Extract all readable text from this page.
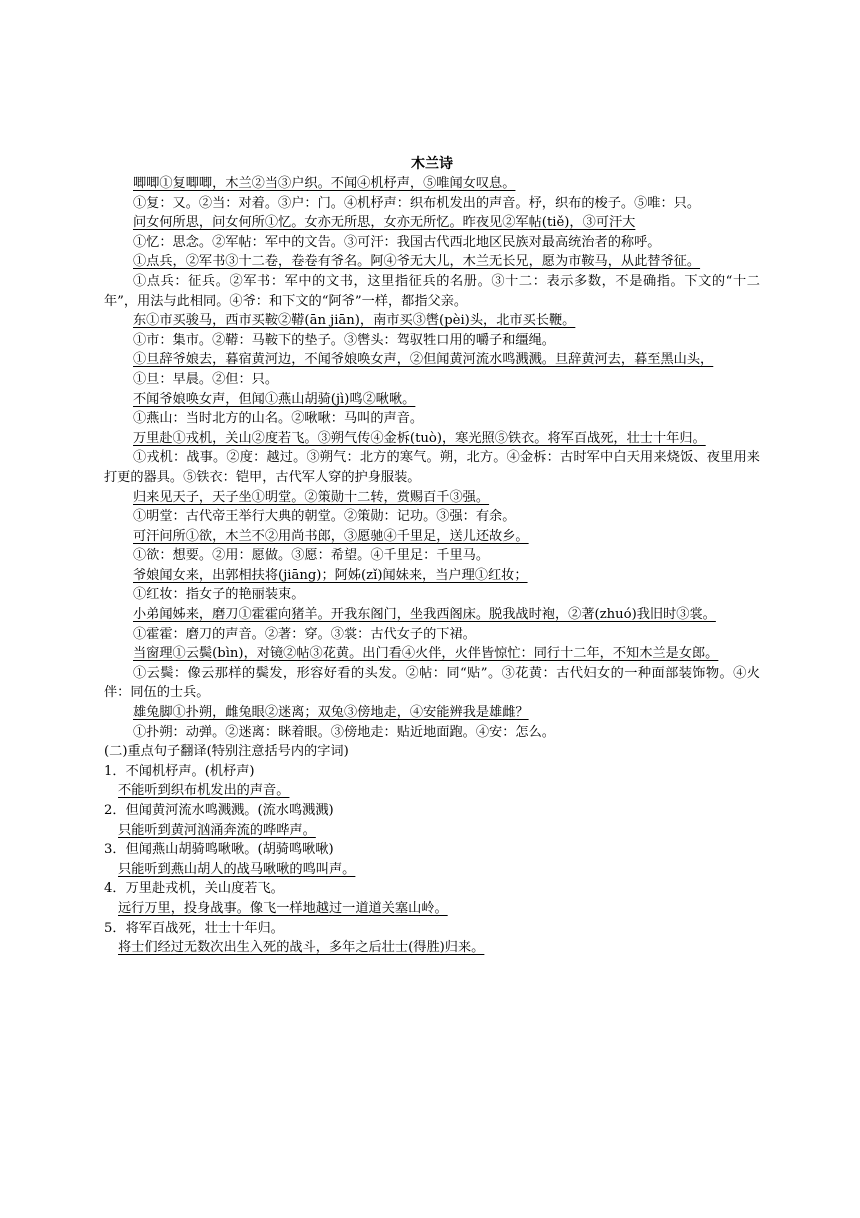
木兰诗

唧唧①复唧唧，木兰②当③户织。不闻④机杼声，⑤唯闻女叹息。

①复：又。②当：对着。③户：门。④机杼声：织布机发出的声音。杼，织布的梭子。⑤唯：只。

问女何所思，问女何所①忆。女亦无所思，女亦无所忆。昨夜见②军帖(tiě)，③可汗大

①忆：思念。②军帖：军中的文告。③可汗：我国古代西北地区民族对最高统治者的称呼。

①点兵，②军书③十二卷，卷卷有爷名。阿④爷无大儿，木兰无长兄，愿为市鞍马，从此替爷征。

①点兵：征兵。②军书：军中的文书，这里指征兵的名册。③十二：表示多数，不是确指。下文的“十二年”，用法与此相同。④爷：和下文的“阿爷”一样，都指父亲。

东①市买骏马，西市买鞍②鞯(ān jiān)，南市买③辔(pèi)头，北市买长鞭。

①市：集市。②鞯：马鞍下的垫子。③辔头：驾驭牲口用的嚼子和缰绳。

①旦辞爷娘去，暮宿黄河边，不闻爷娘唤女声，②但闻黄河流水鸣溅溅。旦辞黄河去，暮至黑山头，

①旦：早晨。②但：只。

不闻爷娘唤女声，但闻①燕山胡骑(jì)鸣②啾啾。

①燕山：当时北方的山名。②啾啾：马叫的声音。

万里赴①戎机，关山②度若飞。③朔气传④金柝(tuò)，寒光照⑤铁衣。将军百战死，壮士十年归。

①戎机：战事。②度：越过。③朔气：北方的寒气。朔，北方。④金柝：古时军中白天用来烧饭、夜里用来打更的器具。⑤铁衣：铠甲，古代军人穿的护身服装。

归来见天子，天子坐①明堂。②策勋十二转，赏赐百千③强。

①明堂：古代帝王举行大典的朝堂。②策勋：记功。③强：有余。

可汗问所①欲，木兰不②用尚书郎，③愿驰④千里足，送儿还故乡。

①欲：想要。②用：愿做。③愿：希望。④千里足：千里马。

爷娘闻女来，出郭相扶将(jiāng)；阿姊(zǐ)闻妹来，当户理①红妆；

①红妆：指女子的艳丽装束。

小弟闻姊来，磨刀①霍霍向猪羊。开我东阁门，坐我西阁床。脱我战时袍，②著(zhuó)我旧时③裳。

①霍霍：磨刀的声音。②著：穿。③裳：古代女子的下裙。

当窗理①云鬓(bìn)，对镜②帖③花黄。出门看④火伴，火伴皆惊忙：同行十二年，不知木兰是女郎。

①云鬓：像云那样的鬓发，形容好看的头发。②帖：同“贴”。③花黄：古代妇女的一种面部装饰物。④火伴：同伍的士兵。

雄兔脚①扑朔，雌兔眼②迷离；双兔③傍地走，④安能辨我是雄雌？

①扑朔：动弹。②迷离：眯着眼。③傍地走：贴近地面跑。④安：怎么。

(二)重点句子翻译(特别注意括号内的字词)

1．不闻机杼声。(机杼声)

不能听到织布机发出的声音。

2．但闻黄河流水鸣溅溅。(流水鸣溅溅)

只能听到黄河汹涌奔流的哗哗声。

3．但闻燕山胡骑鸣啾啾。(胡骑鸣啾啾)

只能听到燕山胡人的战马啾啾的鸣叫声。

4．万里赴戎机，关山度若飞。

远行万里，投身战事。像飞一样地越过一道道关塞山岭。

5．将军百战死，壮士十年归。

将士们经过无数次出生入死的战斗，多年之后壮士(得胜)归来。
